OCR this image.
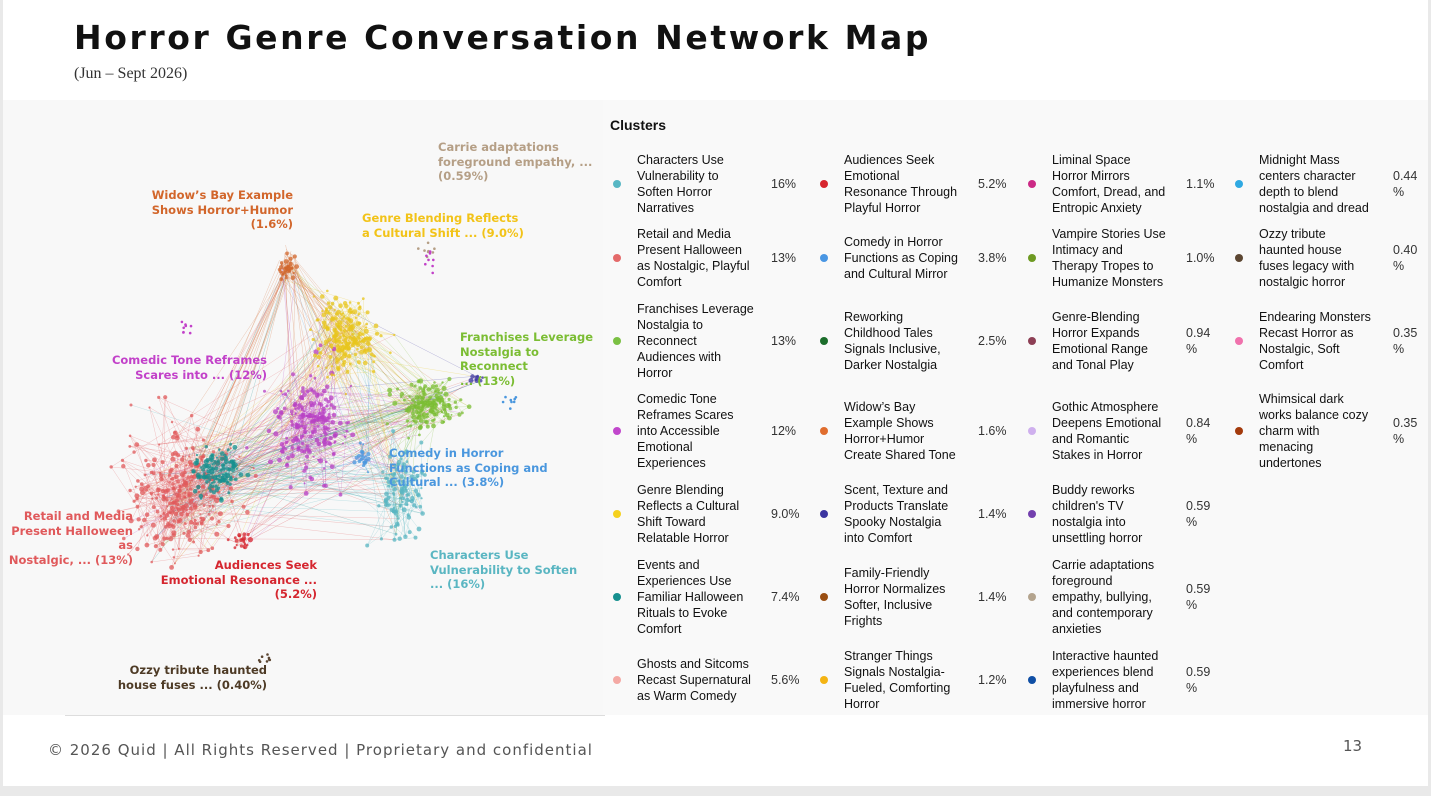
Horror Genre Conversation Network Map
(Jun – Sept 2026)
Carrie adaptations
foreground empathy, ...
(0.59%)
Widow’s Bay Example
Shows Horror+Humor
(1.6%)	Genre Blending Reflects
a Cultural Shift ... (9.0%)
Franchises Leverage
Nostalgia to Reconnect
... (13%)
Comedic Tone Reframes
Scares into ... (12%)
Comedy in Horror
Functions as Coping and
Cultural ... (3.8%)
Retail and Media
Present Halloween as
Nostalgic, ... (13%)	Audiences Seek
Emotional Resonance ...
(5.2%)
Characters Use
Vulnerability to Soften
... (16%)
Ozzy tribute haunted
house fuses ... (0.40%)
Characters Use
Vulnerability to
Soften Horror
Narratives
16%
Retail and Media
Present Halloween
as Nostalgic, Playful
Comfort
13%
Franchises Leverage
Nostalgia to
Reconnect
Audiences with
Horror
13%
Comedic Tone
Reframes Scares
into Accessible
Emotional
Experiences
12%
Genre Blending
Reflects a Cultural
Shift Toward
Relatable Horror
9.0%
Events and
Experiences Use
Familiar Halloween
Rituals to Evoke
Comfort
7.4%
Ghosts and Sitcoms
Recast Supernatural
as Warm Comedy
5.6%
Audiences Seek
Emotional
Resonance Through
Playful Horror
5.2%
Comedy in Horror
Functions as Coping
and Cultural Mirror
3.8%
Reworking
Childhood Tales
Signals Inclusive,
Darker Nostalgia
2.5%
Widow’s Bay
Example Shows
Horror+Humor
Create Shared Tone
1.6%
Scent, Texture and
Products Translate
Spooky Nostalgia
into Comfort
1.4%
Family-Friendly
Horror Normalizes
Softer, Inclusive
Frights
1.4%
Stranger Things
Signals Nostalgia-
Fueled, Comforting
Horror
1.2%
Liminal Space
Horror Mirrors
Comfort, Dread, and
Entropic Anxiety
1.1%
Vampire Stories Use
Intimacy and
Therapy Tropes to
Humanize Monsters
1.0%
Genre-Blending
Horror Expands
Emotional Range
and Tonal Play
0.94
%
Gothic Atmosphere
Deepens Emotional
and Romantic
Stakes in Horror
0.84
%
Buddy reworks
children's TV
nostalgia into
unsettling horror
0.59
%
Carrie adaptations
foreground
empathy, bullying,
and contemporary
anxieties
0.59
%
Interactive haunted
experiences blend
playfulness and
immersive horror
0.59
%
Midnight Mass
centers character
depth to blend
nostalgia and dread
0.44
%
Ozzy tribute
haunted house
fuses legacy with
nostalgic horror
0.40
%
Endearing Monsters
Recast Horror as
Nostalgic, Soft
Comfort
0.35
%
Whimsical dark
works balance cozy
charm with
menacing
undertones
0.35
%
Clusters
© 2026 Quid | All Rights Reserved | Proprietary and confidential	13
